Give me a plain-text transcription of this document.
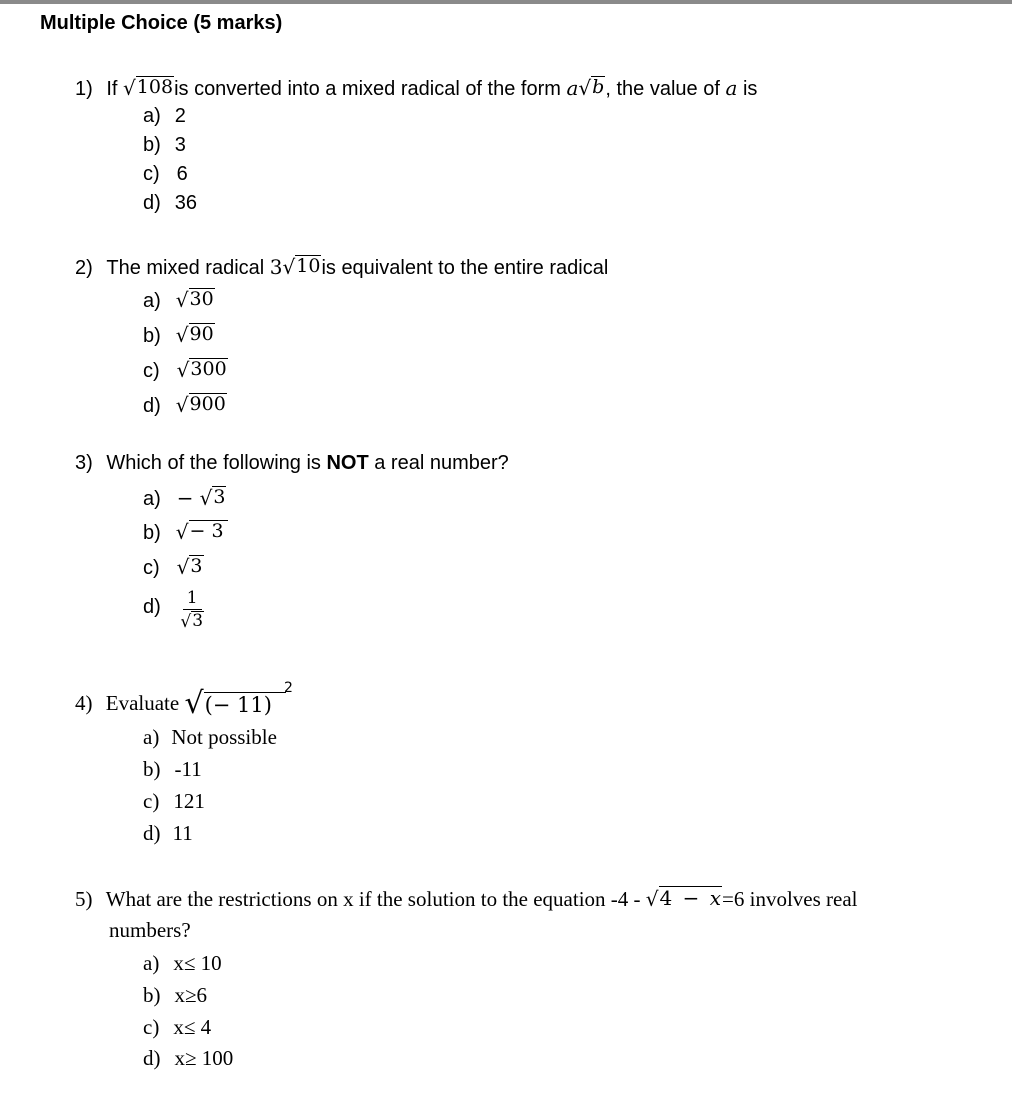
Multiple Choice (5 marks)
1) If √ 108 is converted into a mixed radical of the form a √ b , the value of a is
a) 2
b) 3
c) 6
d) 36
2) The mixed radical 3 √ 10 is equivalent to the entire radical
a) √ 30
b) √ 90
c) √ 300
d) √ 900
3) Which of the following is NOT a real number?
a) − √ 3
b) √ − 3
c) √ 3
$d) \frac{1}{√ 3}$
4) Evaluate √ (− 11)
$^2$
a) Not possible
b) -11
c) 121
d) 11
5) What are the restrictions on x if the solution to the equation -4 - √ 4 − x =6 involves real
numbers?
a) x≤ 10
b) x≥6
c) x≤ 4
d) x≥ 100
